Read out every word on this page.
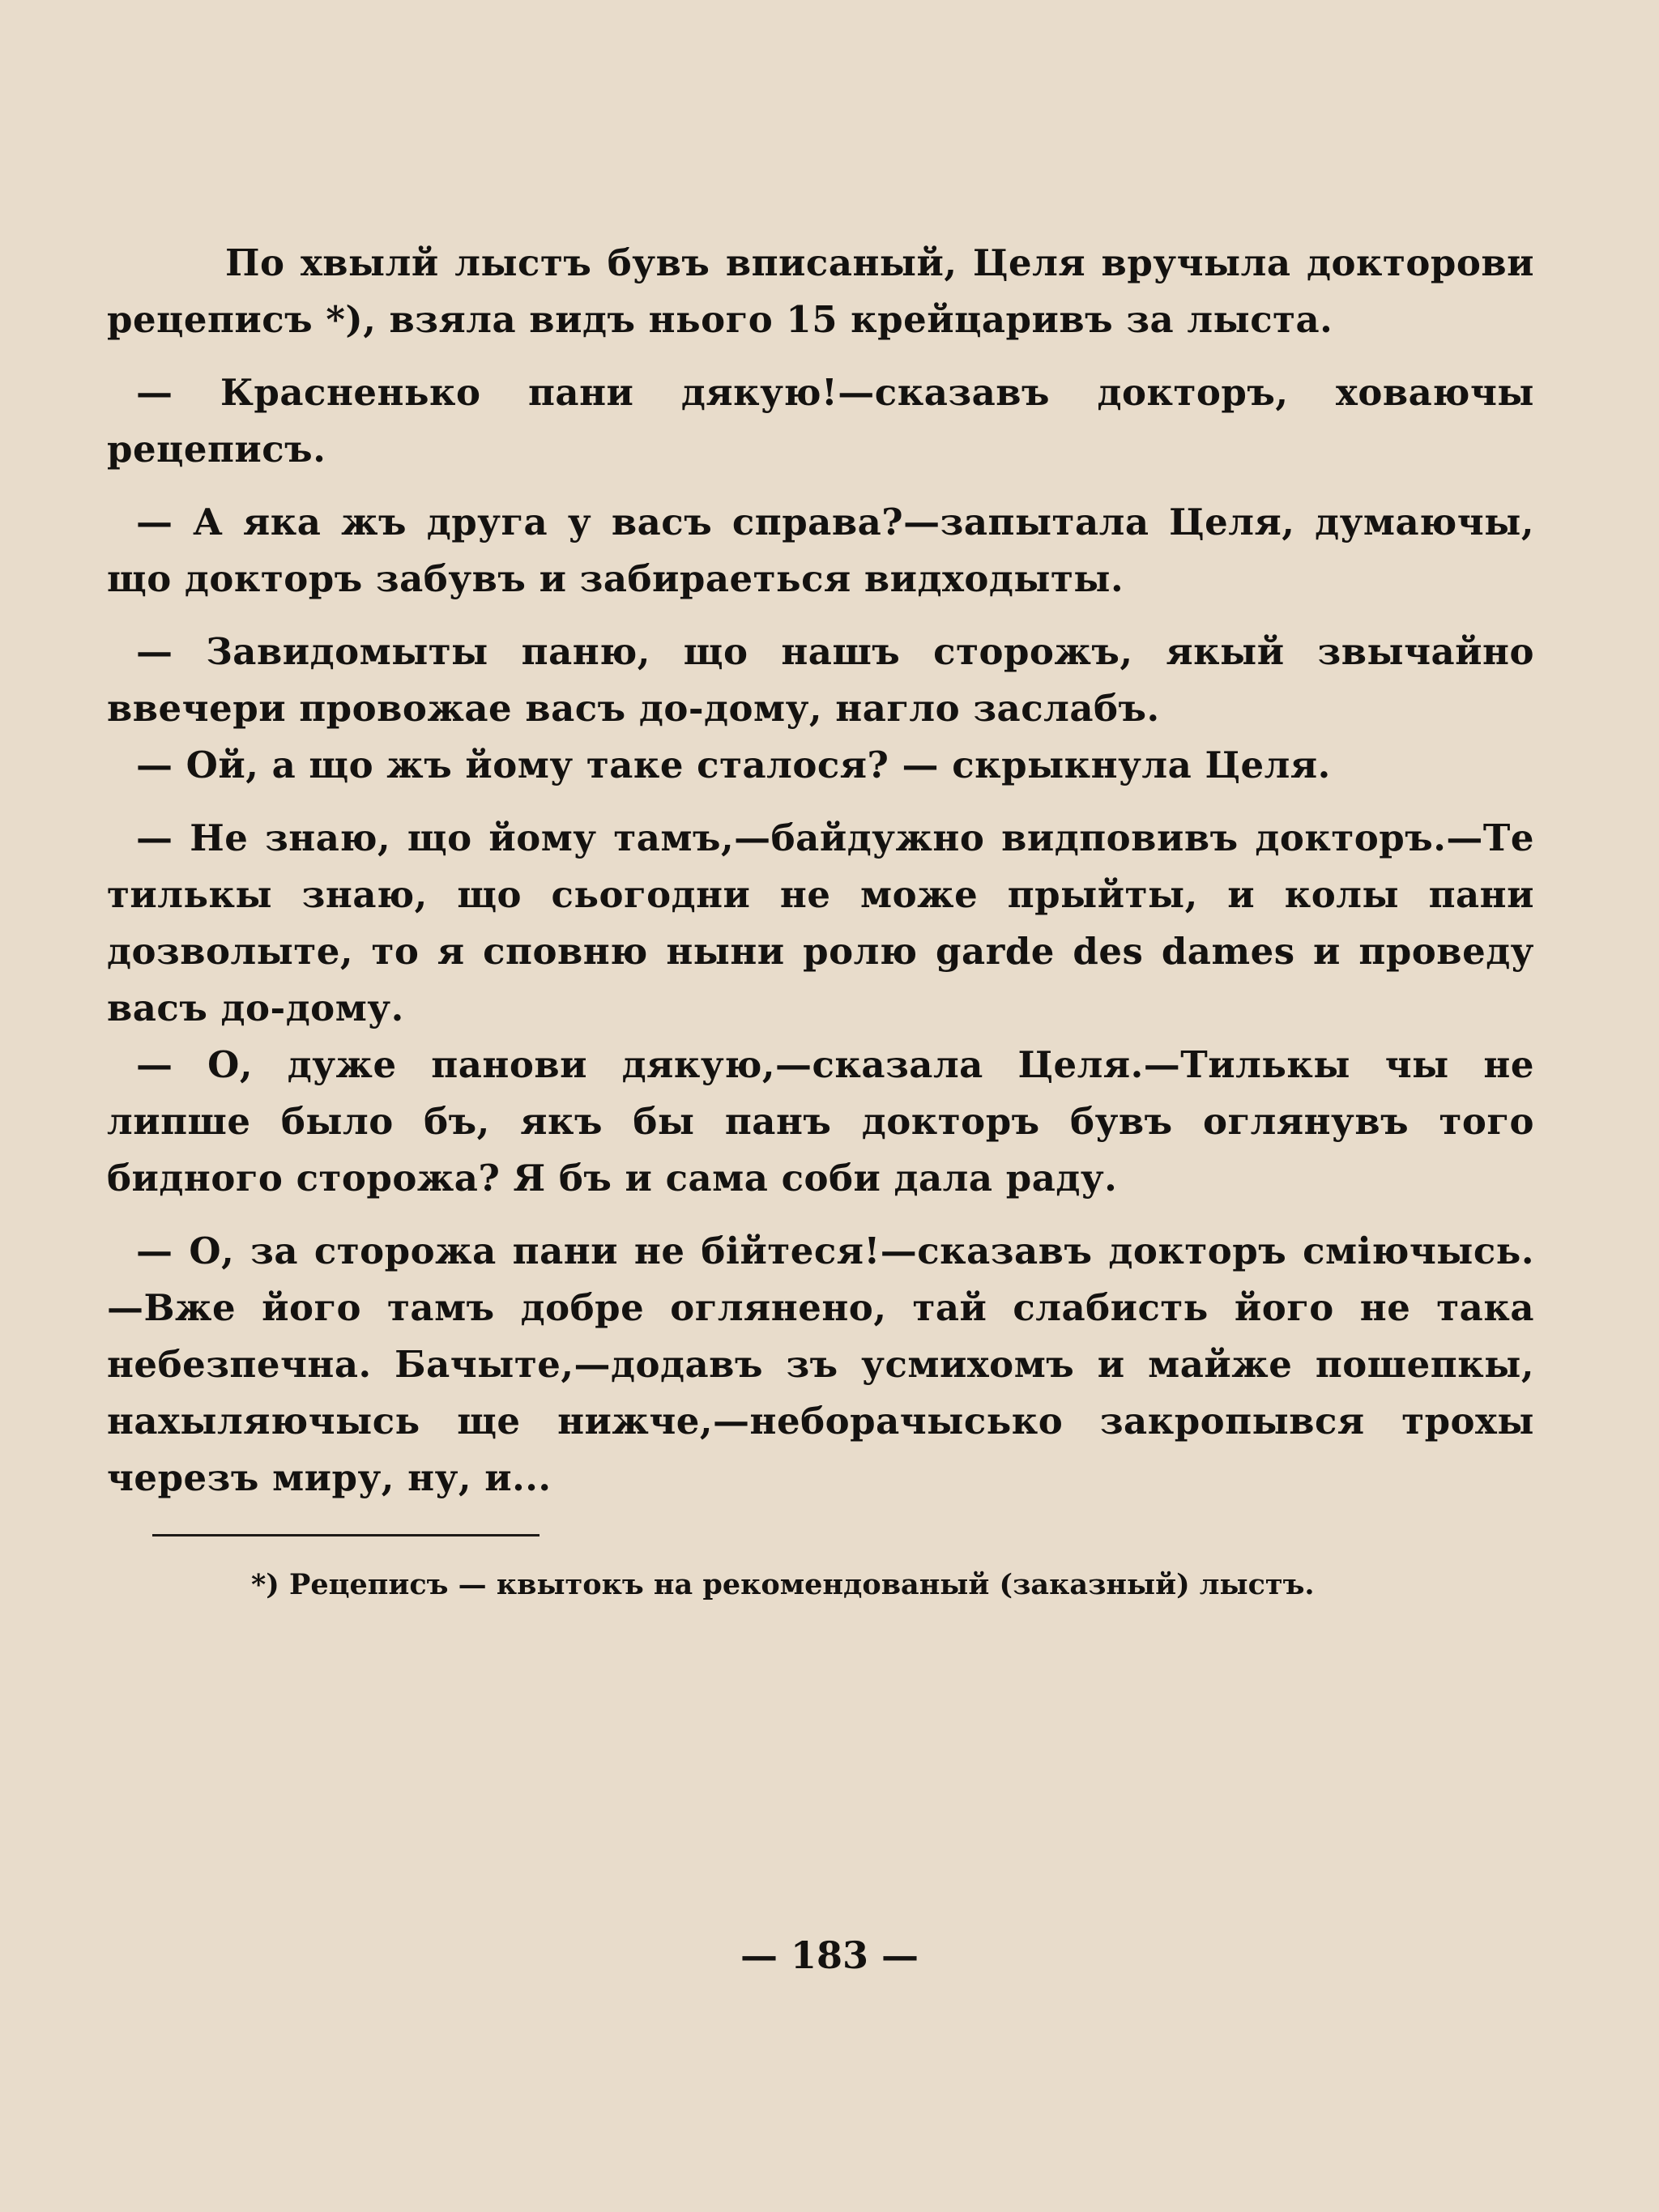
По хвылй лыстъ бувъ вписаный, Целя вручыла докторови рецеписъ *), взяла видъ нього 15 крейцаривъ за лыста.

— Красненько пани дякую!—сказавъ докторъ, ховаючы рецеписъ.

— А яка жъ друга у васъ справа?—запытала Целя, думаючы, що докторъ забувъ и забираеться видходыты.

— Завидомыты паню, що нашъ сторожъ, якый звычайно ввечери провожае васъ до-дому, нагло заслабъ.

— Ой, а що жъ йому таке сталося? — скрыкнула Целя.

— Не знаю, що йому тамъ,—байдужно видповивъ докторъ.—Те тилькы знаю, що сьогодни не може прыйты, и колы пани дозволыте, то я сповню ныни ролю garde des dames и проведу васъ до-дому.

— О, дуже панови дякую,—сказала Целя.—Тилькы чы не липше было бъ, якъ бы панъ докторъ бувъ оглянувъ того бидного сторожа? Я бъ и сама соби дала раду.

— О, за сторожа пани не бійтеся!—сказавъ докторъ сміючысь.—Вже його тамъ добре оглянено, тай слабисть його не така небезпечна. Бачыте,—додавъ зъ усмихомъ и майже пошепкы, нахыляючысь ще нижче,—неборачысько закропывся трохы черезъ миру, ну, и...

*) Рецеписъ — квытокъ на рекомендованый (заказный) лыстъ.

— 183 —
